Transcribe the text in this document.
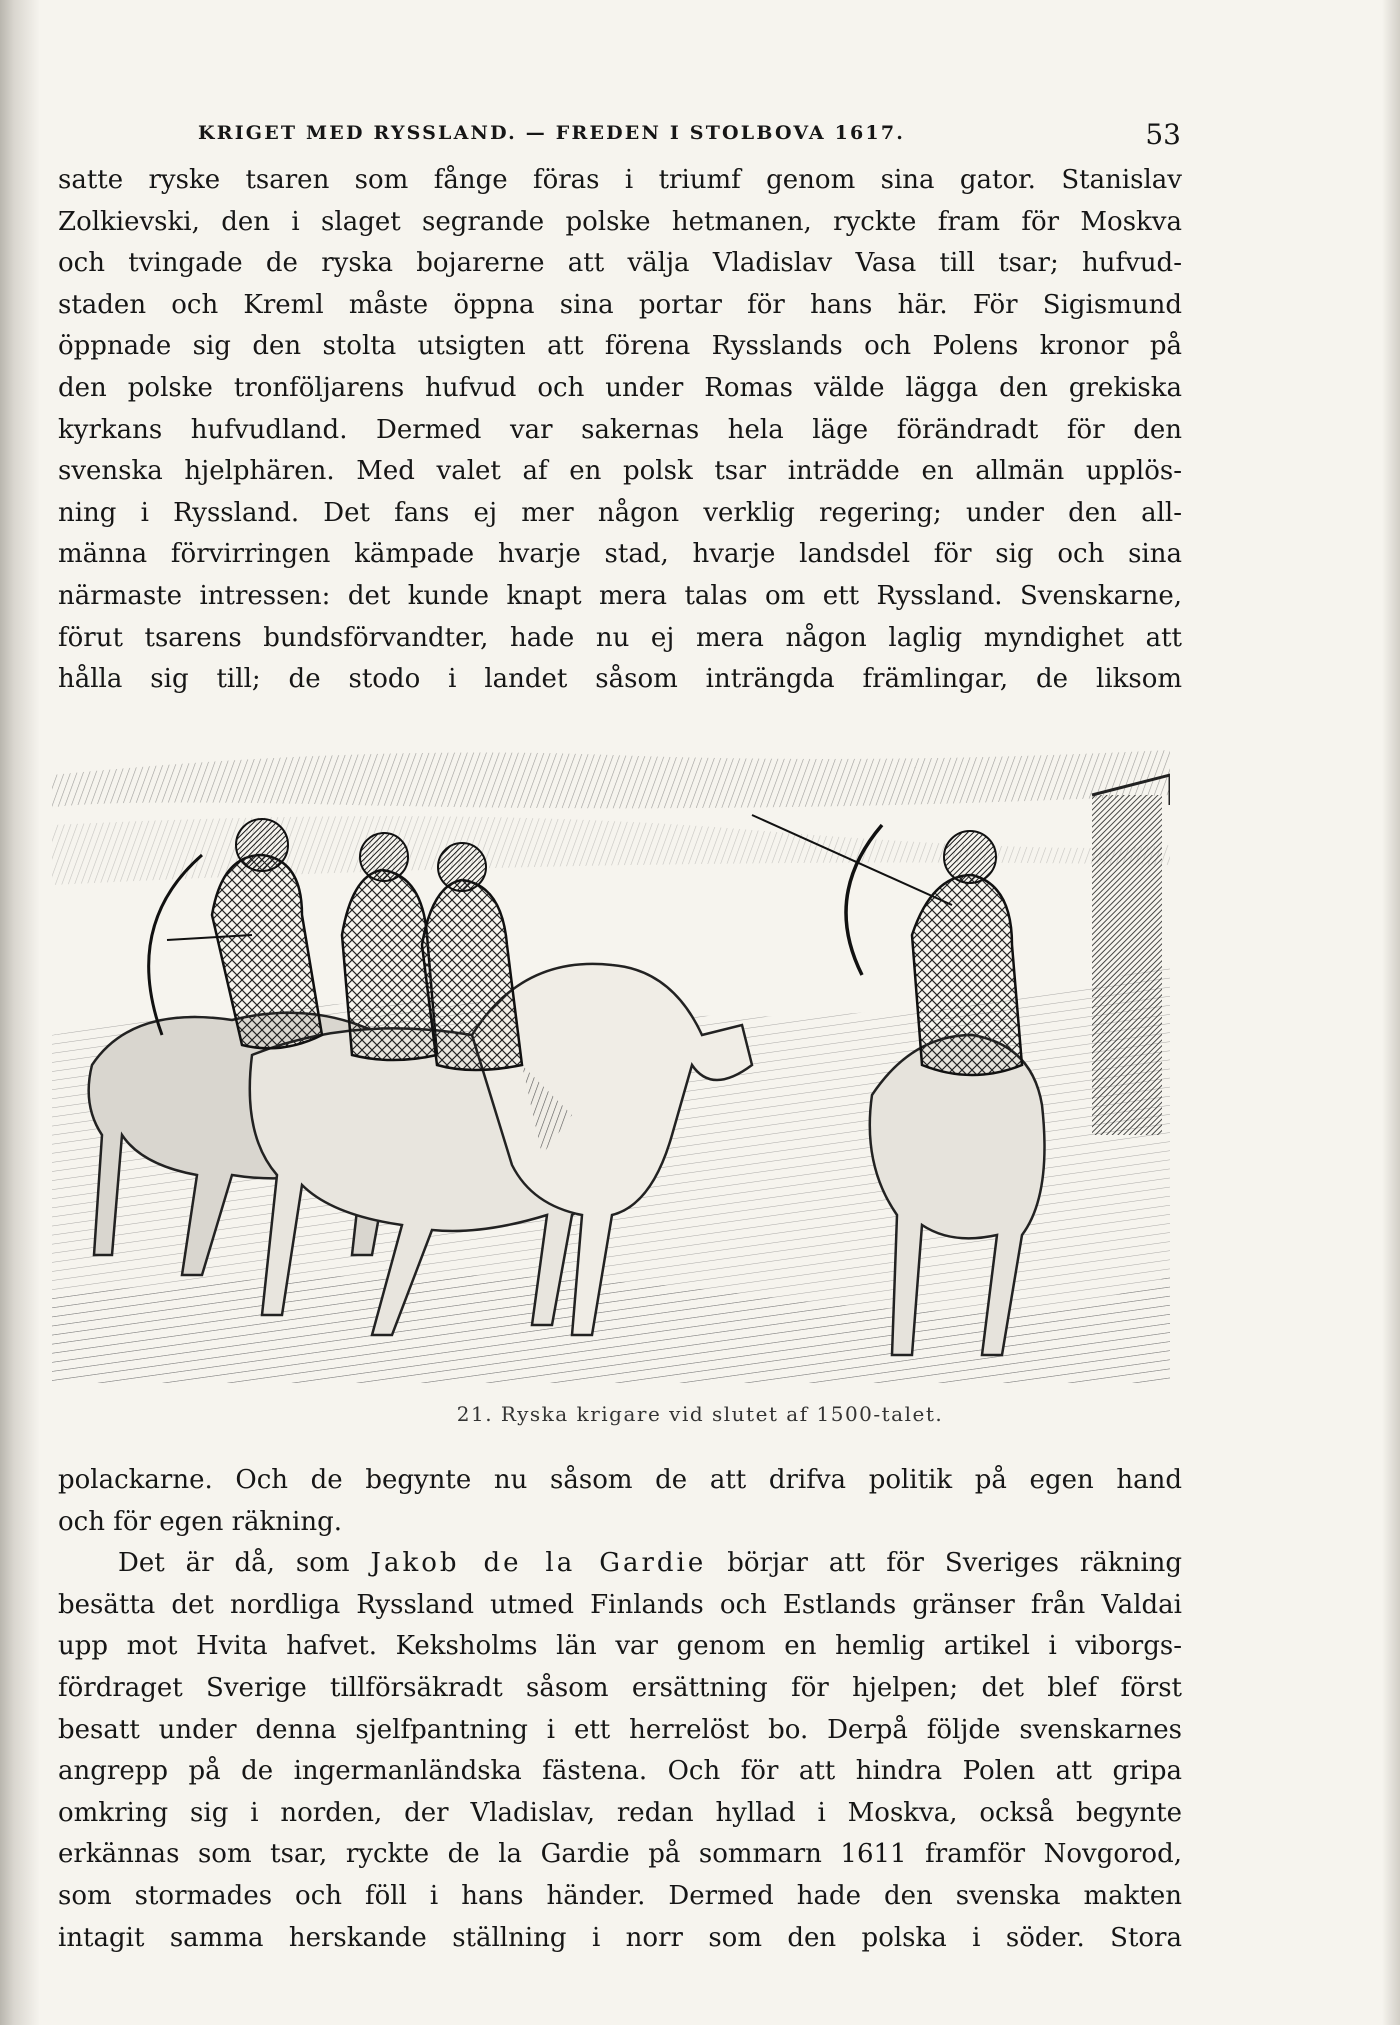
KRIGET MED RYSSLAND. — FREDEN I STOLBOVA 1617.	53
satte ryske tsaren som fånge föras i triumf genom sina gator. Stanislav
Zolkievski, den i slaget segrande polske hetmanen, ryckte fram för Moskva
och tvingade de ryska bojarerne att välja Vladislav Vasa till tsar; hufvud-
staden och Kreml måste öppna sina portar för hans här. För Sigismund
öppnade sig den stolta utsigten att förena Rysslands och Polens kronor på
den polske tronföljarens hufvud och under Romas välde lägga den grekiska
kyrkans hufvudland. Dermed var sakernas hela läge förändradt för den
svenska hjelphären. Med valet af en polsk tsar inträdde en allmän upplös-
ning i Ryssland. Det fans ej mer någon verklig regering; under den all-
männa förvirringen kämpade hvarje stad, hvarje landsdel för sig och sina
närmaste intressen: det kunde knapt mera talas om ett Ryssland. Svenskarne,
förut tsarens bundsförvandter, hade nu ej mera någon laglig myndighet att
hålla sig till; de stodo i landet såsom inträngda främlingar, de liksom
21. Ryska krigare vid slutet af 1500-talet.
polackarne. Och de begynte nu såsom de att drifva politik på egen hand
och för egen räkning.
Det är då, som Jakob de la Gardie börjar att för Sveriges räkning
besätta det nordliga Ryssland utmed Finlands och Estlands gränser från Valdai
upp mot Hvita hafvet. Keksholms län var genom en hemlig artikel i viborgs-
fördraget Sverige tillförsäkradt såsom ersättning för hjelpen; det blef först
besatt under denna sjelfpantning i ett herrelöst bo. Derpå följde svenskarnes
angrepp på de ingermanländska fästena. Och för att hindra Polen att gripa
omkring sig i norden, der Vladislav, redan hyllad i Moskva, också begynte
erkännas som tsar, ryckte de la Gardie på sommarn 1611 framför Novgorod,
som stormades och föll i hans händer. Dermed hade den svenska makten
intagit samma herskande ställning i norr som den polska i söder. Stora
